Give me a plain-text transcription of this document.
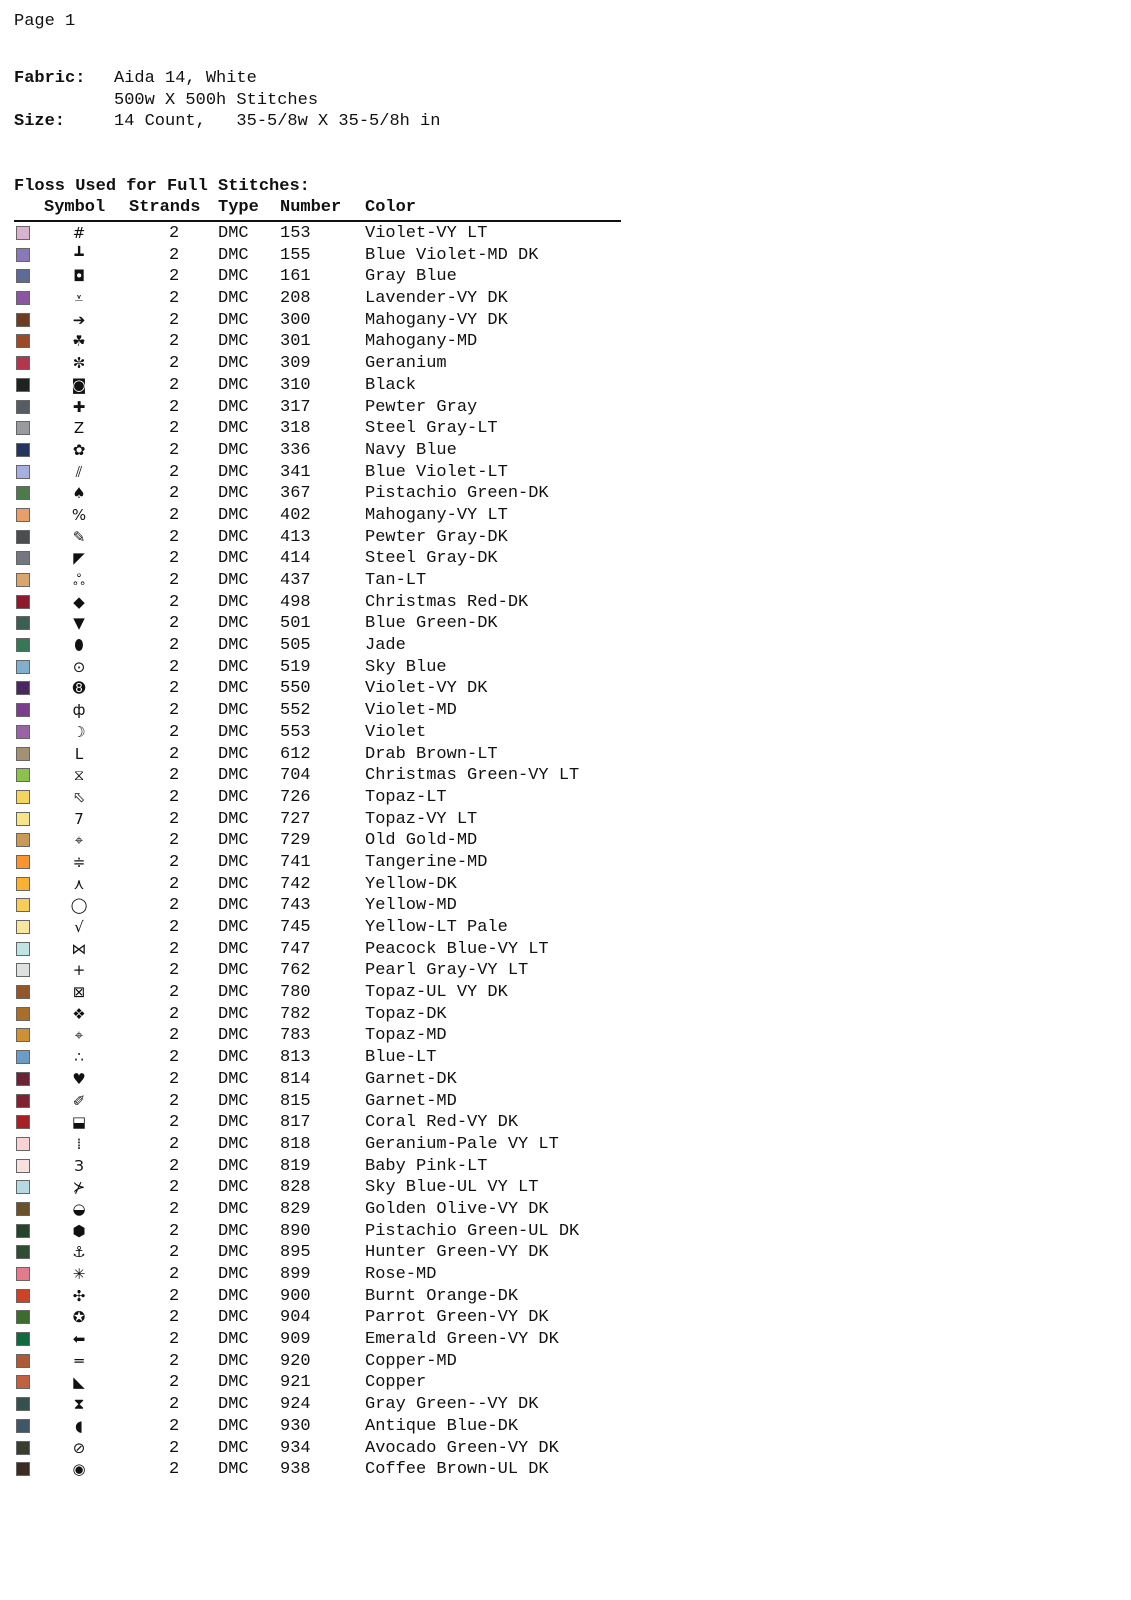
Page 1
Fabric:	Aida 14, White
500w X 500h Stitches
Size:	14 Count,   35-5/8w X 35-5/8h in
Floss Used for Full Stitches:
Symbol Strands Type Number Color
#	2 DMC 153	Violet-VY LT
┻	2 DMC 155	Blue Violet-MD DK
◘	2 DMC 161	Gray Blue
⩡	2 DMC 208	Lavender-VY DK
➔	2 DMC 300	Mahogany-VY DK
☘	2 DMC 301	Mahogany-MD
✼	2 DMC 309	Geranium
◙	2 DMC 310	Black
✚	2 DMC 317	Pewter Gray
Z	2 DMC 318	Steel Gray-LT
✿	2 DMC 336	Navy Blue
⫽	2 DMC 341	Blue Violet-LT
♠	2 DMC 367	Pistachio Green-DK
%	2 DMC 402	Mahogany-VY LT
✎	2 DMC 413	Pewter Gray-DK
◤	2 DMC 414	Steel Gray-DK
ஃ	2 DMC 437	Tan-LT
◆	2 DMC 498	Christmas Red-DK
▼	2 DMC 501	Blue Green-DK
⬮	2 DMC 505	Jade
⊙	2 DMC 519	Sky Blue
➑	2 DMC 550	Violet-VY DK
ф	2 DMC 552	Violet-MD
☽	2 DMC 553	Violet
L	2 DMC 612	Drab Brown-LT
⧖	2 DMC 704	Christmas Green-VY LT
⬁	2 DMC 726	Topaz-LT
7	2 DMC 727	Topaz-VY LT
⌖	2 DMC 729	Old Gold-MD
≑	2 DMC 741	Tangerine-MD
⋏	2 DMC 742	Yellow-DK
◯	2 DMC 743	Yellow-MD
√	2 DMC 745	Yellow-LT Pale
⋈	2 DMC 747	Peacock Blue-VY LT
+	2 DMC 762	Pearl Gray-VY LT
⊠	2 DMC 780	Topaz-UL VY DK
❖	2 DMC 782	Topaz-DK
⌖	2 DMC 783	Topaz-MD
∴	2 DMC 813	Blue-LT
♥	2 DMC 814	Garnet-DK
✐	2 DMC 815	Garnet-MD
⬓	2 DMC 817	Coral Red-VY DK
⁞	2 DMC 818	Geranium-Pale VY LT
З	2 DMC 819	Baby Pink-LT
⊁	2 DMC 828	Sky Blue-UL VY LT
◒	2 DMC 829	Golden Olive-VY DK
⬢	2 DMC 890	Pistachio Green-UL DK
⚓	2 DMC 895	Hunter Green-VY DK
✳	2 DMC 899	Rose-MD
✣	2 DMC 900	Burnt Orange-DK
✪	2 DMC 904	Parrot Green-VY DK
⬅	2 DMC 909	Emerald Green-VY DK
═	2 DMC 920	Copper-MD
◣	2 DMC 921	Copper
⧗	2 DMC 924	Gray Green--VY DK
◖	2 DMC 930	Antique Blue-DK
⊘	2 DMC 934	Avocado Green-VY DK
◉	2 DMC 938	Coffee Brown-UL DK
